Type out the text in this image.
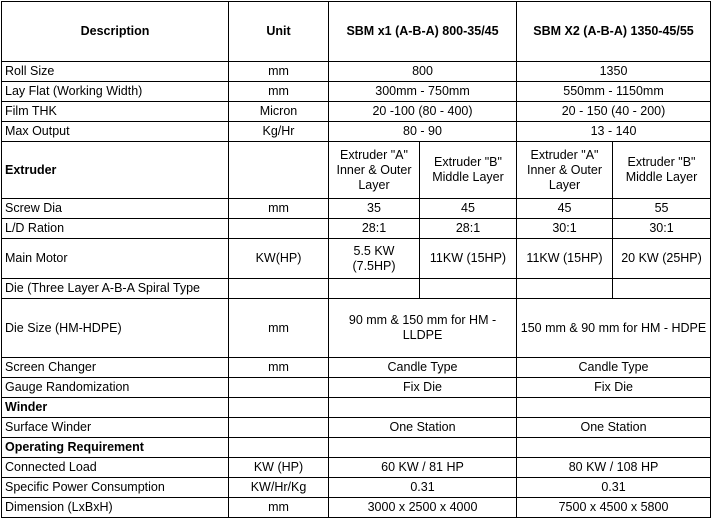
Description	Unit	SBM x1 (A-B-A) 800-35/45		SBM X2 (A-B-A) 1350-45/55	
Roll Size	mm	800		1350	
Lay Flat (Working Width)	mm	300mm - 750mm		550mm - 1150mm	
Film THK	Micron	20 -100 (80 - 400)		20 - 150 (40 - 200)	
Max Output	Kg/Hr	80 - 90		13 - 140	
Extruder		Extruder "A" Inner & Outer Layer	Extruder "B" Middle Layer	Extruder "A" Inner & Outer Layer	Extruder "B" Middle Layer
Screw Dia	mm	35	45	45	55
L/D Ration		28:1	28:1	30:1	30:1
Main Motor	KW(HP)	5.5 KW (7.5HP)	11KW (15HP)	11KW (15HP)	20 KW (25HP)
Die (Three Layer A-B-A Spiral Type					
Die Size (HM-HDPE)	mm	90 mm & 150 mm for HM - LLDPE		150 mm & 90 mm for HM - HDPE	
Screen Changer	mm	Candle Type		Candle Type	
Gauge Randomization		Fix Die		Fix Die	
Winder					
Surface Winder		One Station		One Station	
Operating Requirement					
Connected Load	KW (HP)	60 KW / 81 HP		80 KW / 108 HP	
Specific Power Consumption	KW/Hr/Kg	0.31		0.31	
Dimension (LxBxH)	mm	3000 x 2500 x 4000		7500 x 4500 x 5800	
